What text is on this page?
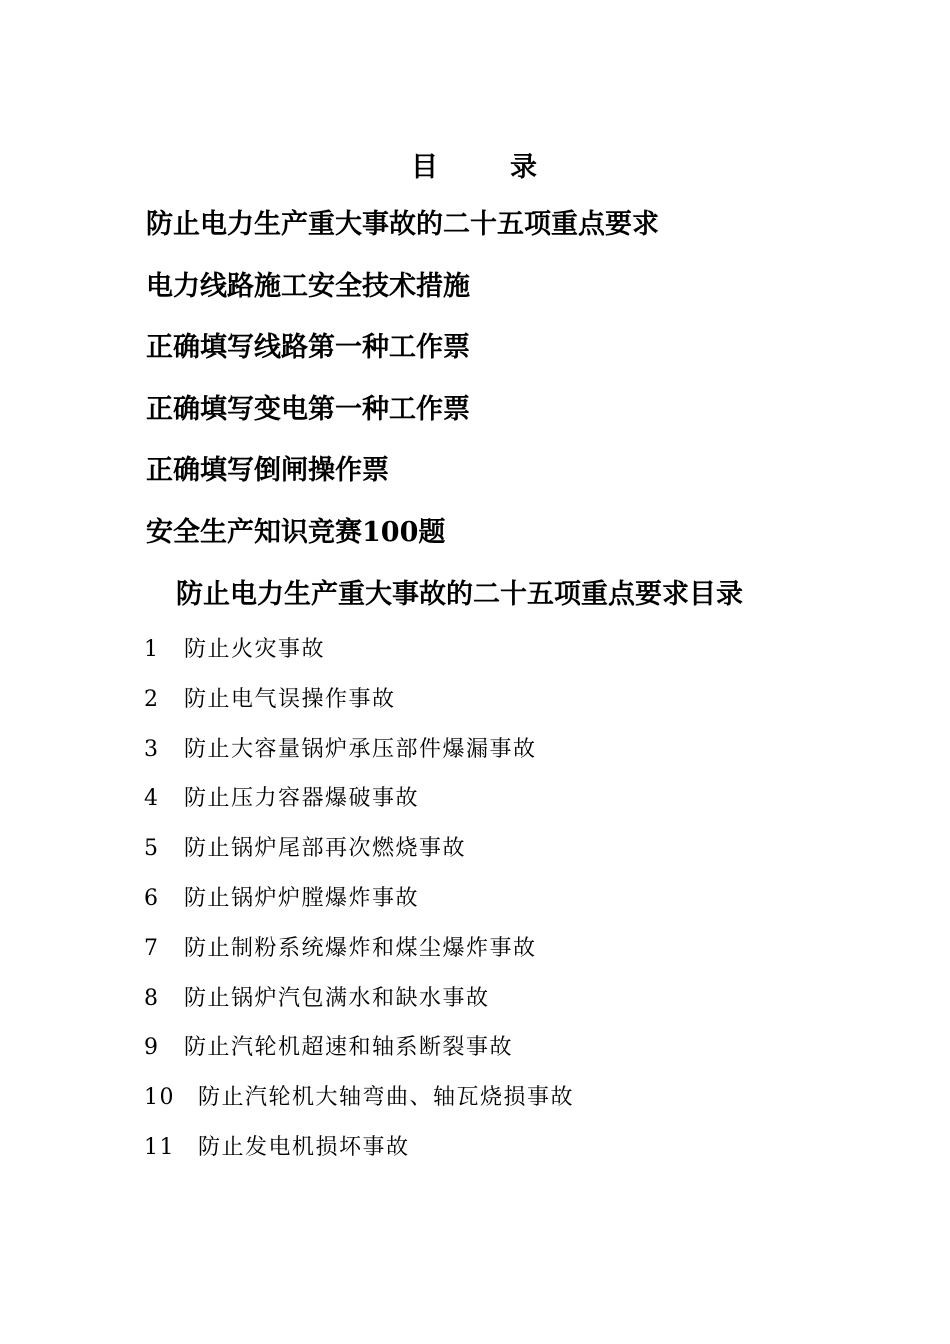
目	录
防止电力生产重大事故的二十五项重点要求
电力线路施工安全技术措施
正确填写线路第一种工作票
正确填写变电第一种工作票
正确填写倒闸操作票
安全生产知识竞赛100题
防止电力生产重大事故的二十五项重点要求目录
1 防止火灾事故
2 防止电气误操作事故
3 防止大容量锅炉承压部件爆漏事故
4 防止压力容器爆破事故
5 防止锅炉尾部再次燃烧事故
6 防止锅炉炉膛爆炸事故
7 防止制粉系统爆炸和煤尘爆炸事故
8 防止锅炉汽包满水和缺水事故
9 防止汽轮机超速和轴系断裂事故
10 防止汽轮机大轴弯曲、轴瓦烧损事故
11 防止发电机损坏事故
